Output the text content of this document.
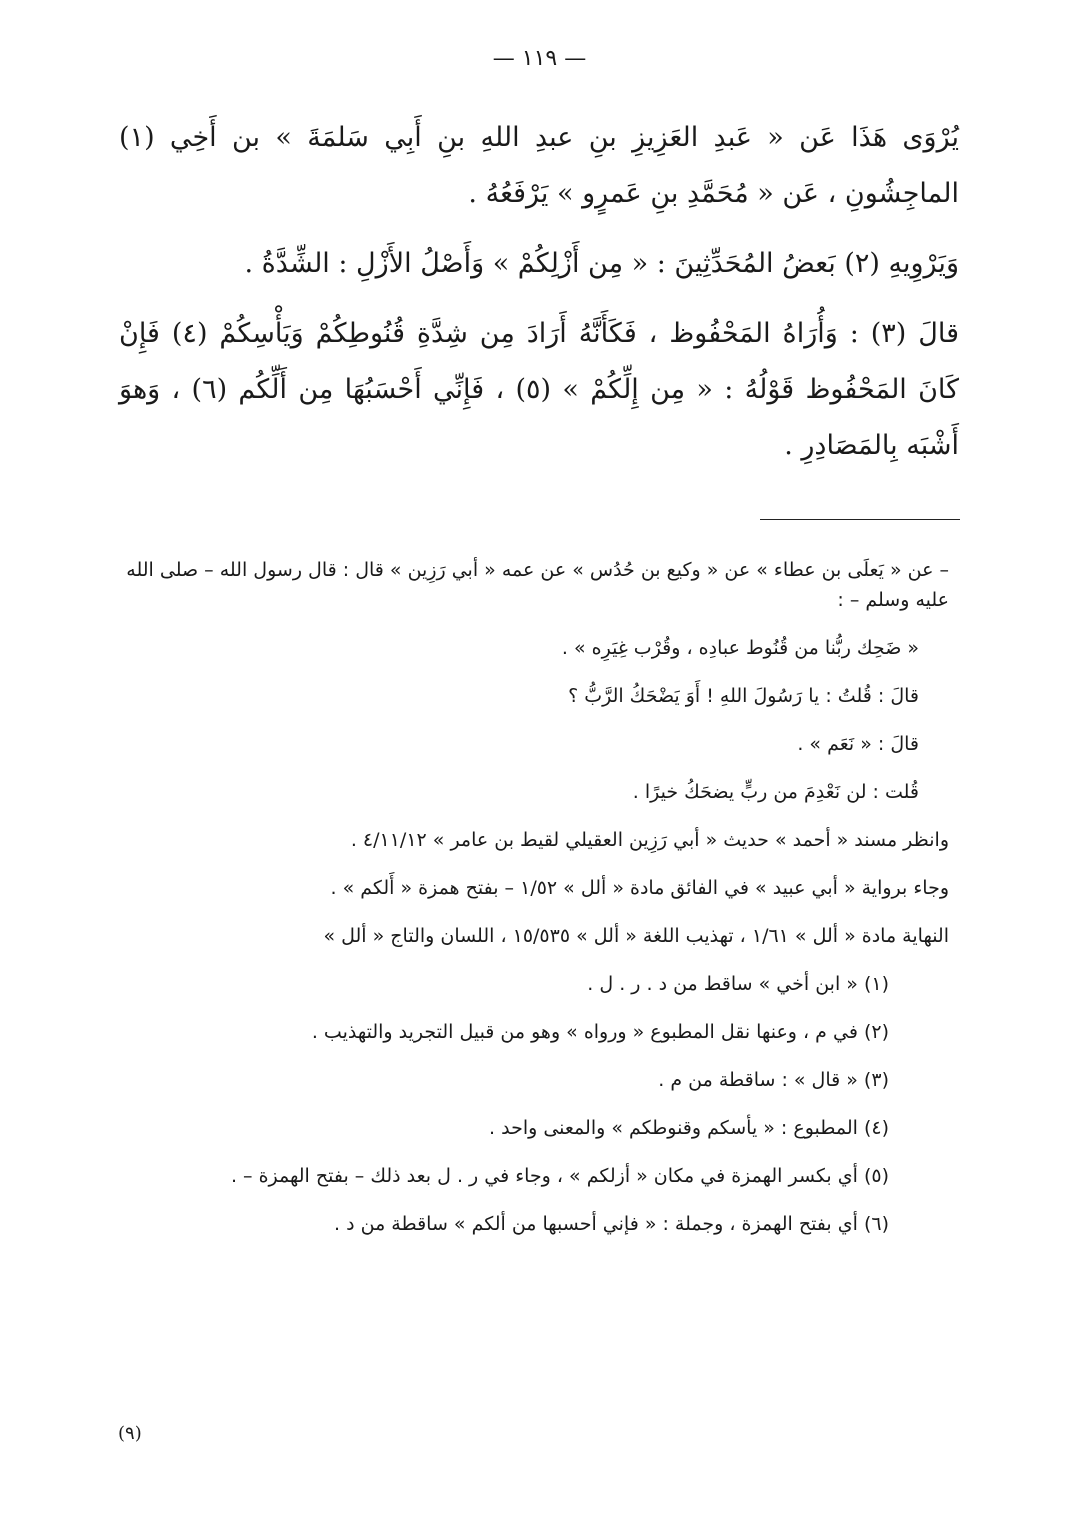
— ١١٩ —

يُرْوَى هَذَا عَن « عَبدِ العَزِيزِ بنِ عبدِ اللهِ بنِ أَبِي سَلمَةَ » بن أَخِي (١) الماجِشُونِ ، عَن « مُحَمَّدِ بنِ عَمرٍو » يَرْفَعُهُ .

وَيَرْوِيهِ (٢) بَعضُ المُحَدِّثِينَ : « مِن أَزْلِكُمْ » وَأَصْلُ الأَزْلِ : الشِّدَّةُ .

قالَ (٣) : وَأُرَاهُ المَحْفُوظ ، فَكَأَنَّهُ أَرَادَ مِن شِدَّةِ قُنُوطِكُمْ وَيَأْسِكُمْ (٤) فَإِنْ كَانَ المَحْفُوظ قَوْلُهُ : « مِن إِلِّكُمْ » (٥) ، فَإِنِّي أَحْسَبُهَا مِن أَلِّكُم (٦) ، وَهوَ أَشْبَه بِالمَصَادِرِ .

– عن « يَعلَى بن عطاء » عن « وكيع بن حُدُس » عن عمه « أبي رَزِين » قال : قال رسول الله – صلى الله عليه وسلم – :

« ضَحِك ربُّنا من قُنُوط عبادِه ، وقُرْب غِيَرِه » .

قالَ : قُلتُ : يا رَسُولَ اللهِ ! أَوَ يَضْحَكُ الرَّبُّ ؟

قالَ : « نَعَم » .

قُلت : لن نَعْدِمَ من ربٍّ يضحَكُ خيرًا .

وانظر مسند « أحمد » حديث « أبي رَزِين العقيلي لقيط بن عامر » ٤/١١/١٢ .

وجاء برواية « أبي عبيد » في الفائق مادة « ألل » ١/٥٢ – بفتح همزة « أَلكم » .

النهاية مادة « ألل » ١/٦١ ، تهذيب اللغة « ألل » ١٥/٥٣٥ ، اللسان والتاج « ألل »

(١) « ابن أخي » ساقط من د . ر . ل .

(٢) في م ، وعنها نقل المطبوع « ورواه » وهو من قبيل التجريد والتهذيب .

(٣) « قال » : ساقطة من م .

(٤) المطبوع : « يأسكم وقنوطكم » والمعنى واحد .

(٥) أي بكسر الهمزة في مكان « أزلكم » ، وجاء في ر . ل بعد ذلك – بفتح الهمزة – .

(٦) أي بفتح الهمزة ، وجملة : « فإني أحسبها من ألكم » ساقطة من د .

(٩)
